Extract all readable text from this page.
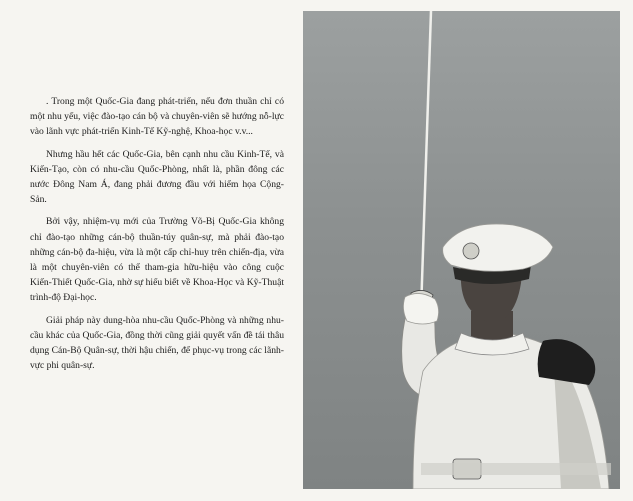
. Trong một Quốc-Gia đang phát-triển, nếu đơn thuần chỉ có một nhu yếu, việc đào-tạo cán bộ và chuyên-viên sẽ hướng nỗ-lực vào lãnh vực phát-triển Kinh-Tế Kỹ-nghệ, Khoa-học v.v...

Nhưng hầu hết các Quốc-Gia, bên cạnh nhu cầu Kinh-Tế, và Kiến-Tạo, còn có nhu-cầu Quốc-Phòng, nhất là, phần đông các nước Đông Nam Á, đang phải đương đầu với hiểm họa Cộng-Sản.

Bởi vậy, nhiệm-vụ mới của Trường Võ-Bị Quốc-Gia không chỉ đào-tạo những cán-bộ thuần-túy quân-sự, mà phải đào-tạo những cán-bộ đa-hiệu, vừa là một cấp chỉ-huy trên chiến-địa, vừa là một chuyên-viên có thể tham-gia hữu-hiệu vào công cuộc Kiến-Thiết Quốc-Gia, nhờ sự hiểu biết về Khoa-Học và Kỹ-Thuật trình-độ Đại-học.

Giải pháp này dung-hòa nhu-cầu Quốc-Phòng và những nhu-cầu khác của Quốc-Gia, đồng thời cũng giải quyết vấn đề tái thâu dụng Cán-Bộ Quân-sự, thời hậu chiến, để phục-vụ trong các lãnh-vực phi quân-sự.
